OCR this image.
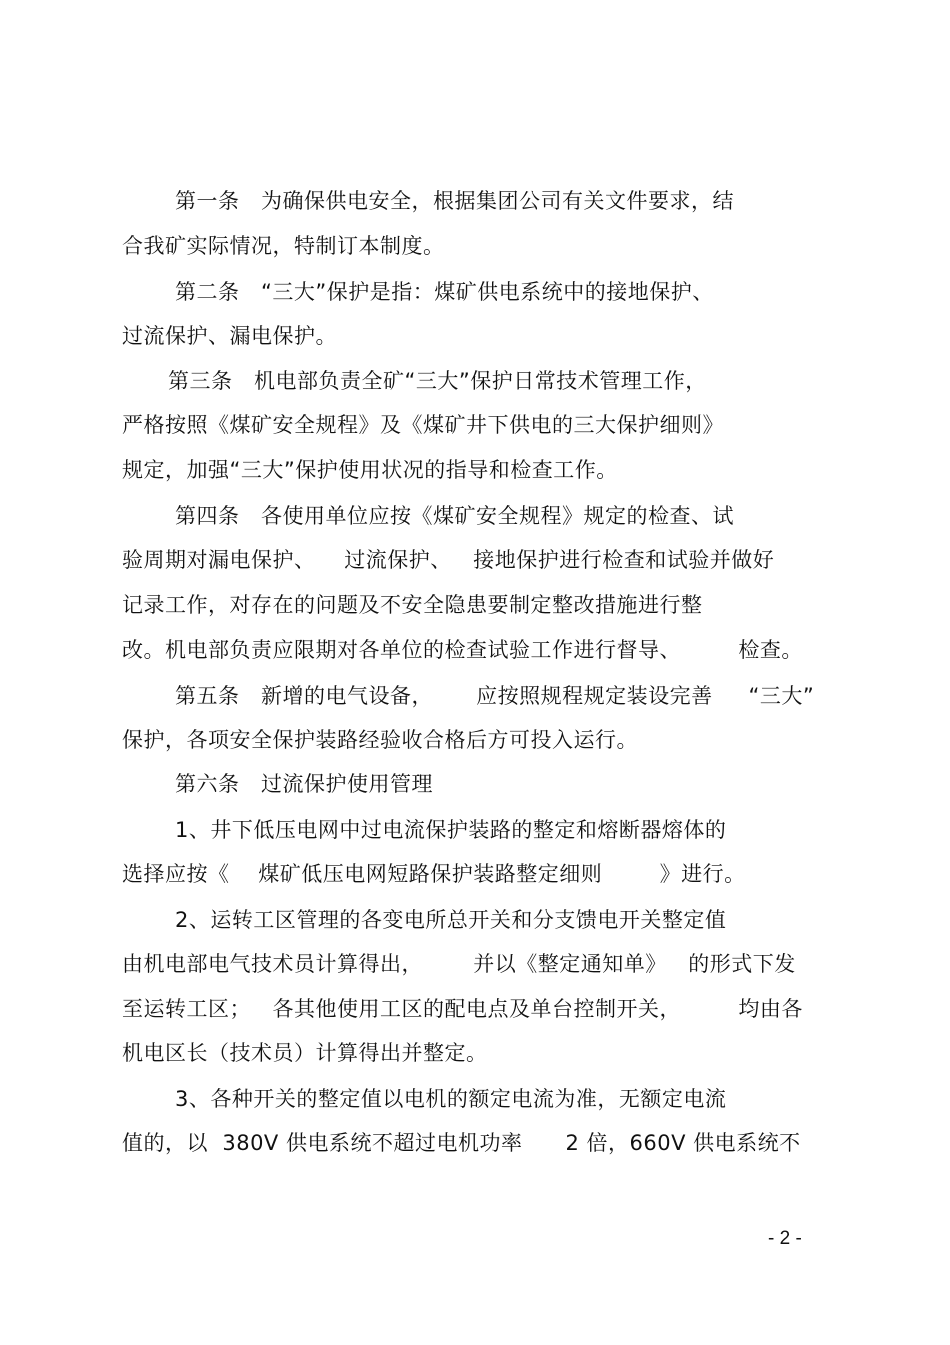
第一条   为确保供电安全，根据集团公司有关文件要求，结
合我矿实际情况，特制订本制度。
第二条   “三大”保护是指：煤矿供电系统中的接地保护、
过流保护、漏电保护。
第三条   机电部负责全矿“三大”保护日常技术管理工作，
严格按照《煤矿安全规程》及《煤矿井下供电的三大保护细则》
规定，加强“三大”保护使用状况的指导和检查工作。
第四条   各使用单位应按《煤矿安全规程》规定的检查、试
验周期对漏电保护、    过流保护、   接地保护进行检查和试验并做好
记录工作，对存在的问题及不安全隐患要制定整改措施进行整
改。机电部负责应限期对各单位的检查试验工作进行督导、        检查。
第五条   新增的电气设备，      应按照规程规定装设完善     “三大”
保护，各项安全保护装路经验收合格后方可投入运行。
第六条   过流保护使用管理
1、井下低压电网中过电流保护装路的整定和熔断器熔体的
选择应按《    煤矿低压电网短路保护装路整定细则        》进行。
2、运转工区管理的各变电所总开关和分支馈电开关整定值
由机电部电气技术员计算得出，       并以《整定通知单》   的形式下发
至运转工区；   各其他使用工区的配电点及单台控制开关，        均由各
机电区长（技术员）计算得出并整定。
3、各种开关的整定值以电机的额定电流为准，无额定电流
值的，以  380V 供电系统不超过电机功率      2 倍，660V 供电系统不
- 2 -
